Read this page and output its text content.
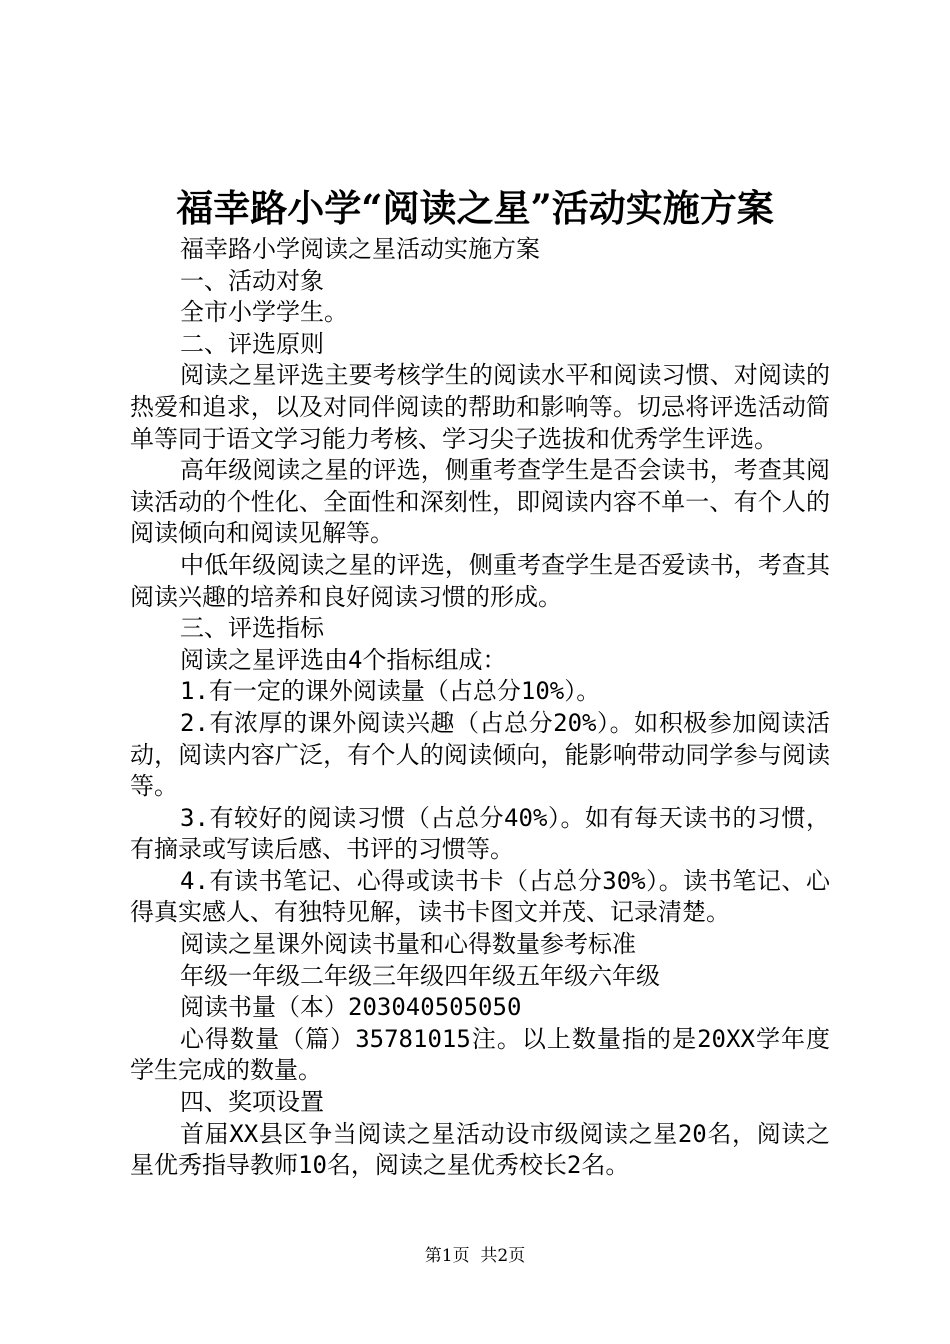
福幸路小学“阅读之星”活动实施方案

福幸路小学阅读之星活动实施方案

一、活动对象

全市小学学生。

二、评选原则

阅读之星评选主要考核学生的阅读水平和阅读习惯、对阅读的热爱和追求，以及对同伴阅读的帮助和影响等。切忌将评选活动简单等同于语文学习能力考核、学习尖子选拔和优秀学生评选。

高年级阅读之星的评选，侧重考查学生是否会读书，考查其阅读活动的个性化、全面性和深刻性，即阅读内容不单一、有个人的阅读倾向和阅读见解等。

中低年级阅读之星的评选，侧重考查学生是否爱读书，考查其阅读兴趣的培养和良好阅读习惯的形成。

三、评选指标

阅读之星评选由4个指标组成：

1.有一定的课外阅读量（占总分10%）。

2.有浓厚的课外阅读兴趣（占总分20%）。如积极参加阅读活动，阅读内容广泛，有个人的阅读倾向，能影响带动同学参与阅读等。

3.有较好的阅读习惯（占总分40%）。如有每天读书的习惯，有摘录或写读后感、书评的习惯等。

4.有读书笔记、心得或读书卡（占总分30%）。读书笔记、心得真实感人、有独特见解，读书卡图文并茂、记录清楚。

阅读之星课外阅读书量和心得数量参考标准

年级一年级二年级三年级四年级五年级六年级

阅读书量（本）203040505050

心得数量（篇）35781015注。以上数量指的是20XX学年度学生完成的数量。

四、奖项设置

首届XX县区争当阅读之星活动设市级阅读之星20名，阅读之星优秀指导教师10名，阅读之星优秀校长2名。

第1页  共2页
